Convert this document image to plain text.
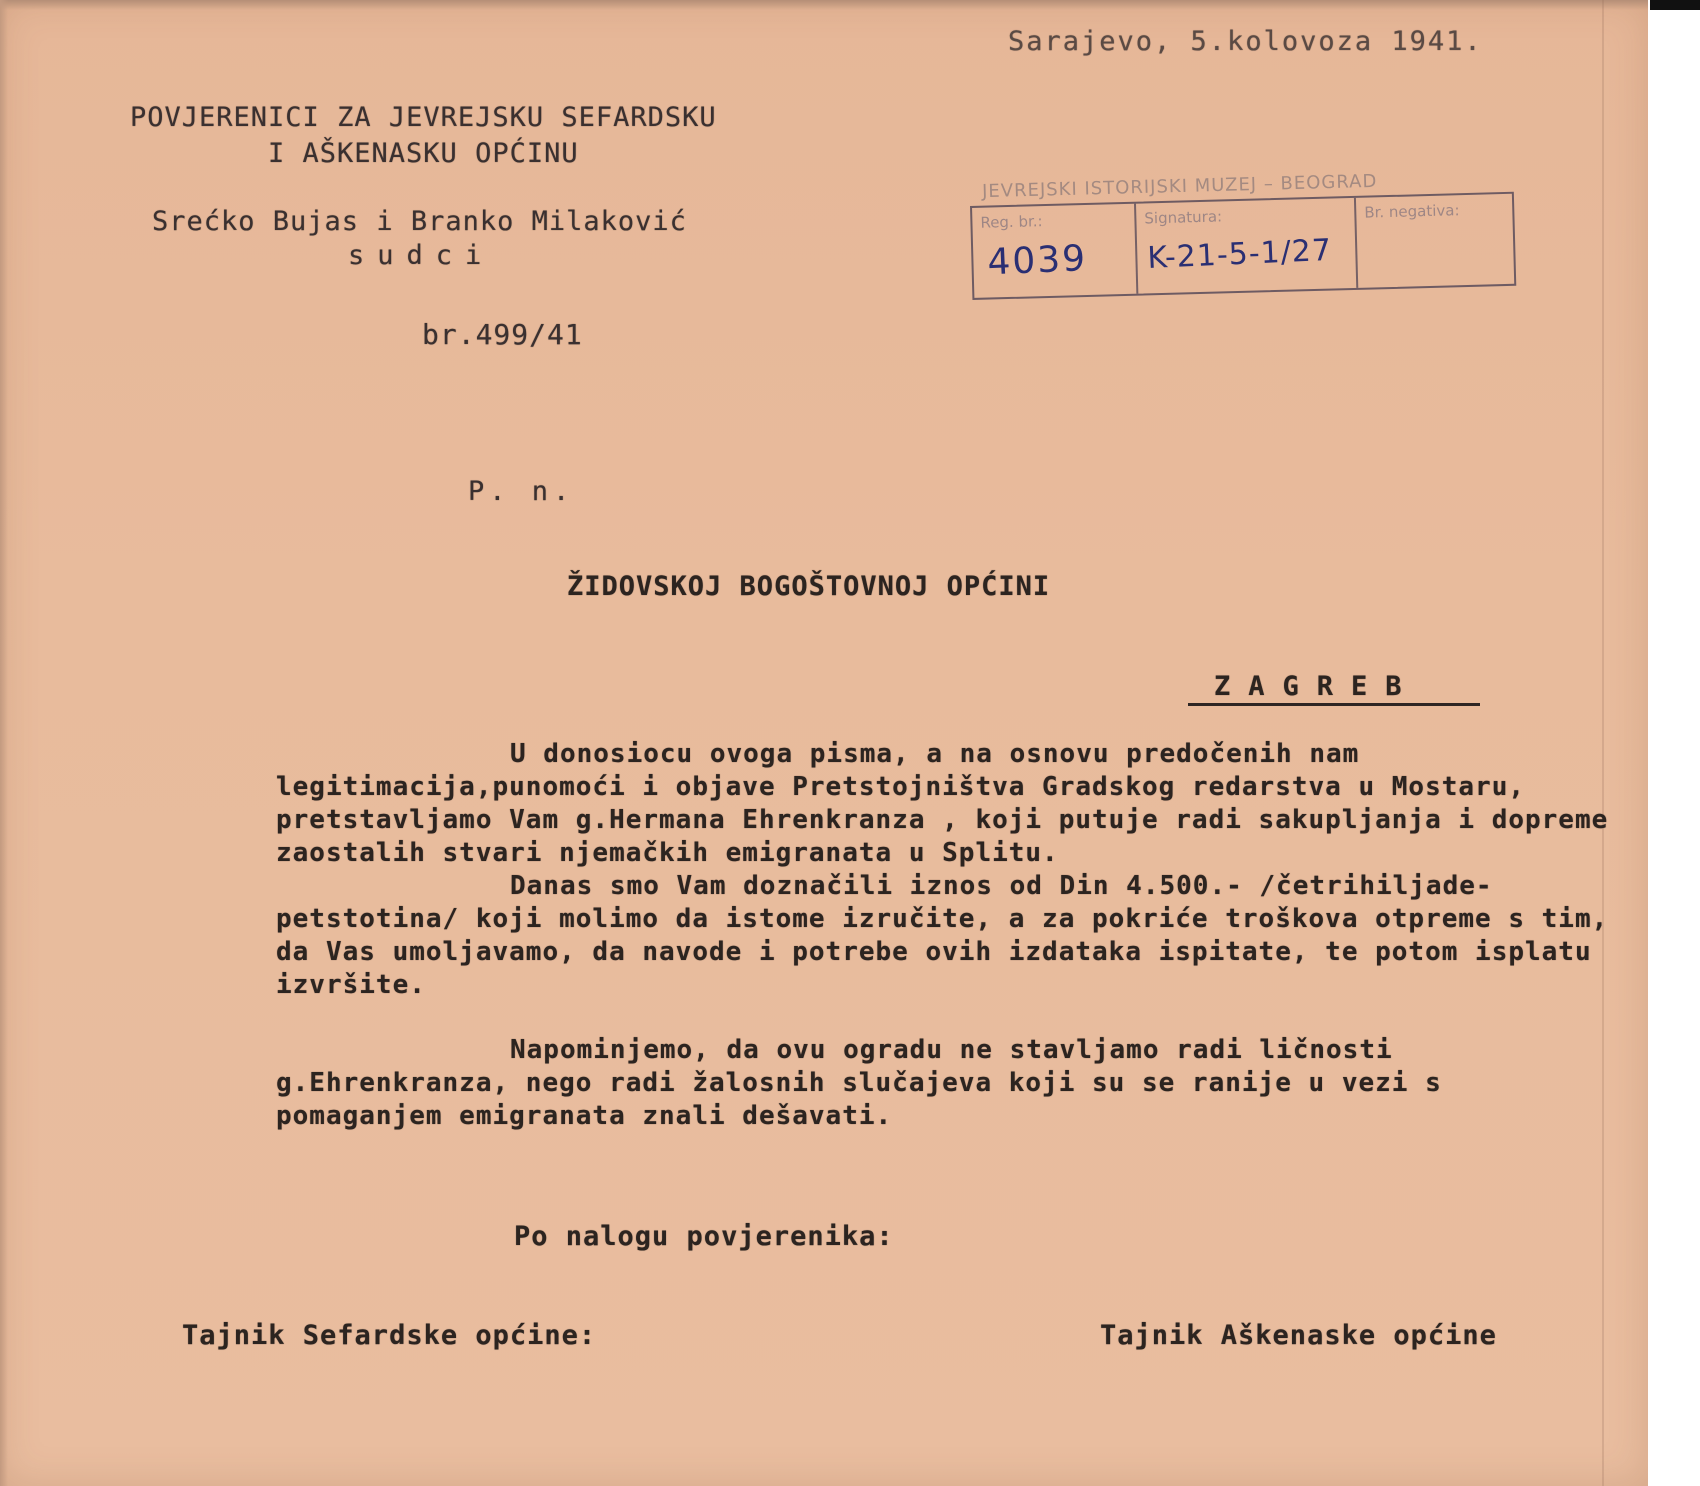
Sarajevo, 5.kolovoza 1941.
POVJERENICI ZA JEVREJSKU SEFARDSKU
I AŠKENASKU OPĆINU
Srećko Bujas i Branko Milaković
sudci
br.499/41
JEVREJSKI ISTORIJSKI MUZEJ – BEOGRAD
Reg. br.:
4039
Signatura:
K-21-5-1/27
Br. negativa:
P. n.
ŽIDOVSKOJ BOGOŠTOVNOJ OPĆINI
ZAGREB

U donosiocu ovoga pisma, a na osnovu predočenih nam legitimacija,punomoći i objave Pretstojništva Gradskog redarstva u Mostaru, pretstavljamo Vam g.Hermana Ehrenkranza , koji putuje radi sakupljanja i dopreme zaostalih stvari njemačkih emigranata u Splitu.

Danas smo Vam doznačili iznos od Din 4.500.- /četrihiljade-petstotina/ koji molimo da istome izručite, a za pokriće troškova otpreme s tim, da Vas umoljavamo, da navode i potrebe ovih izdataka ispitate, te potom isplatu izvršite.

Napominjemo, da ovu ogradu ne stavljamo radi ličnosti g.Ehrenkranza, nego radi žalosnih slučajeva koji su se ranije u vezi s pomaganjem emigranata znali dešavati.

Po nalogu povjerenika:
Tajnik Sefardske općine:	Tajnik Aškenaske općine
